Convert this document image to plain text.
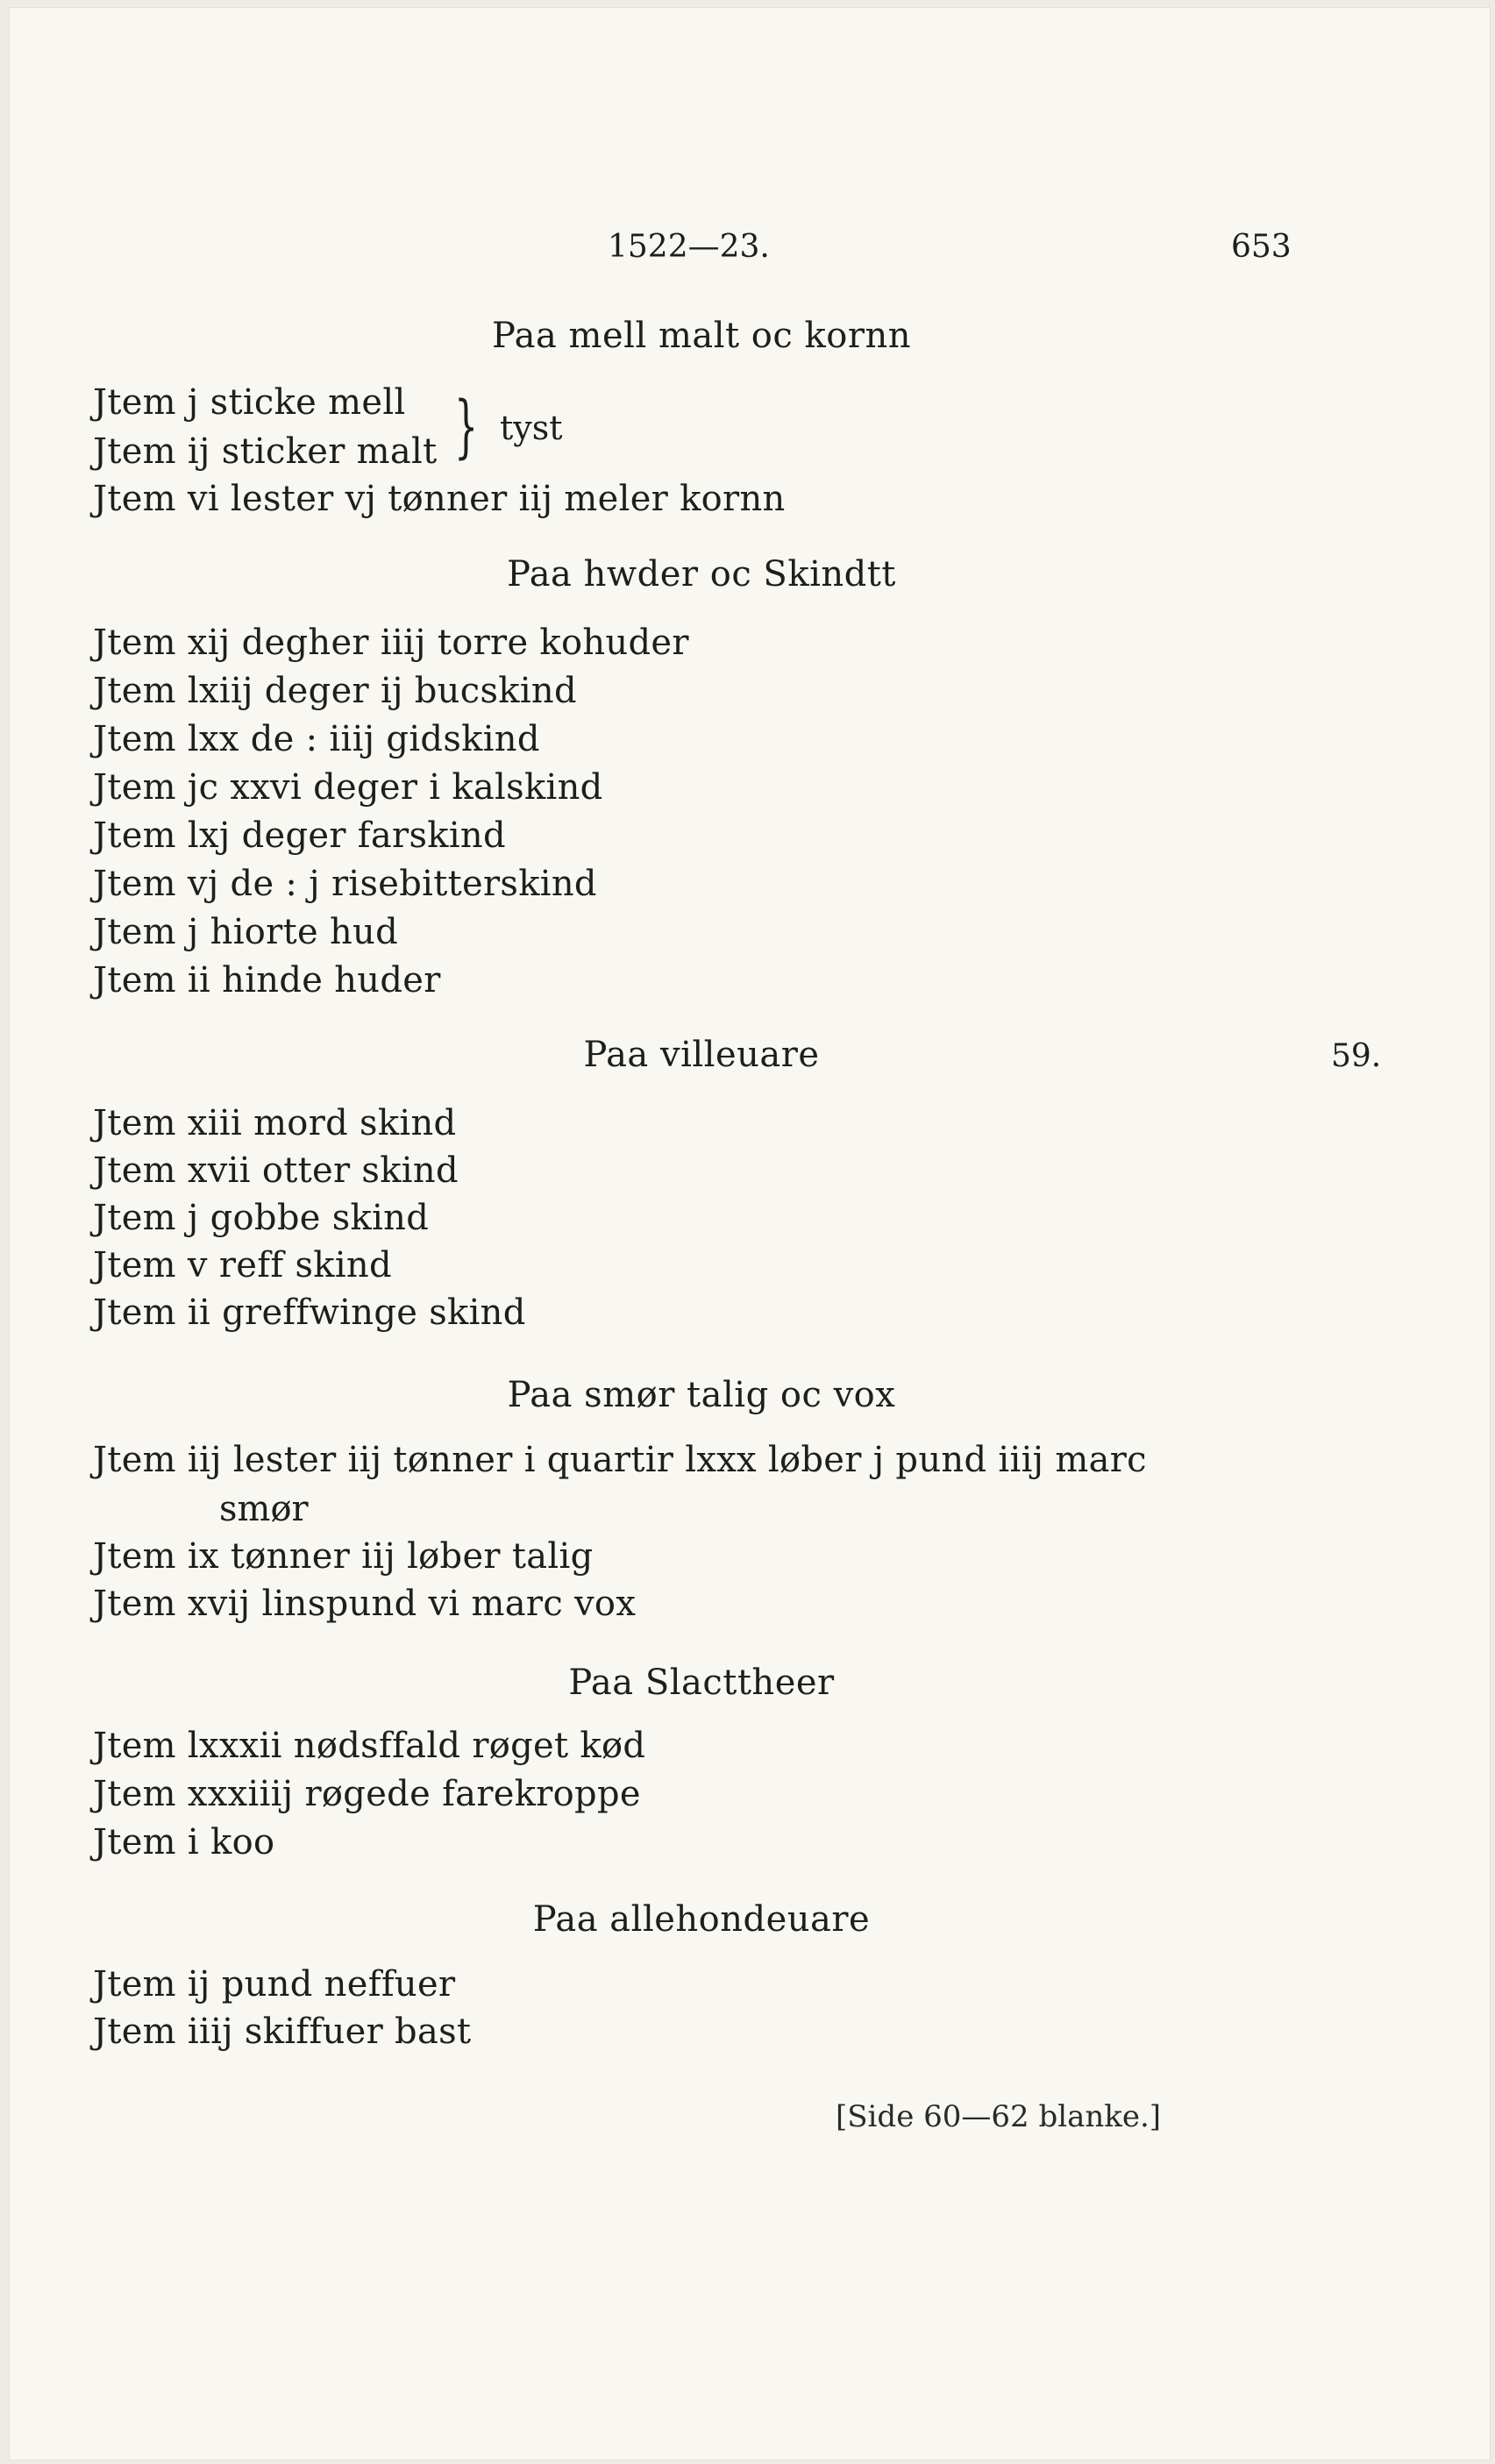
1522—23.	653
Paa mell malt oc kornn
Jtem j sticke mell
Jtem ij sticker malt } tyst
Jtem vi lester vj tønner iij meler kornn
Paa hwder oc Skindtt
Jtem xij degher iiij torre kohuder
Jtem lxiij deger ij bucskind
Jtem lxx de : iiij gidskind
Jtem jc xxvi deger i kalskind
Jtem lxj deger farskind
Jtem vj de : j risebitterskind
Jtem j hiorte hud
Jtem ii hinde huder
Paa villeuare	59.
Jtem xiii mord skind
Jtem xvii otter skind
Jtem j gobbe skind
Jtem v reff skind
Jtem ii greffwinge skind
Paa smør talig oc vox
Jtem iij lester iij tønner i quartir lxxx løber j pund iiij marc
smør
Jtem ix tønner iij løber talig
Jtem xvij linspund vi marc vox
Paa Slacttheer
Jtem lxxxii nødsffald røget kød
Jtem xxxiiij røgede farekroppe
Jtem i koo
Paa allehondeuare
Jtem ij pund neffuer
Jtem iiij skiffuer bast
[Side 60—62 blanke.]
